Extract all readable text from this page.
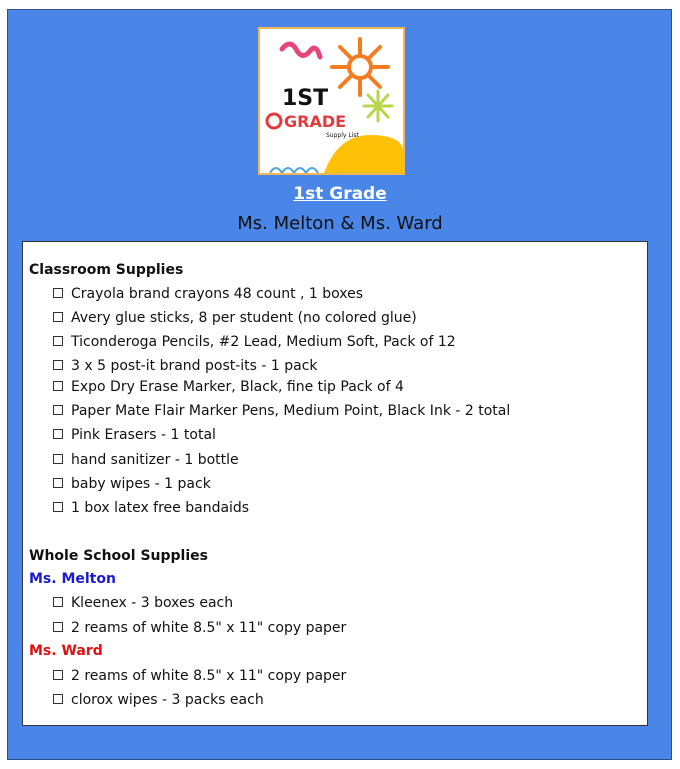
1ST
GRADE
Supply List
1st Grade
Ms. Melton & Ms. Ward
Classroom Supplies
Crayola brand crayons 48 count , 1 boxes
Avery glue sticks, 8 per student (no colored glue)
Ticonderoga Pencils, #2 Lead, Medium Soft, Pack of 12
3 x 5 post-it brand post-its - 1 pack
Expo Dry Erase Marker, Black, fine tip Pack of 4
Paper Mate Flair Marker Pens, Medium Point, Black Ink - 2 total
Pink Erasers - 1 total
hand sanitizer - 1 bottle
baby wipes - 1 pack
1 box latex free bandaids
Whole School Supplies
Ms. Melton
Kleenex - 3 boxes each
2 reams of white 8.5" x 11" copy paper
Ms. Ward
2 reams of white 8.5" x 11" copy paper
clorox wipes - 3 packs each
